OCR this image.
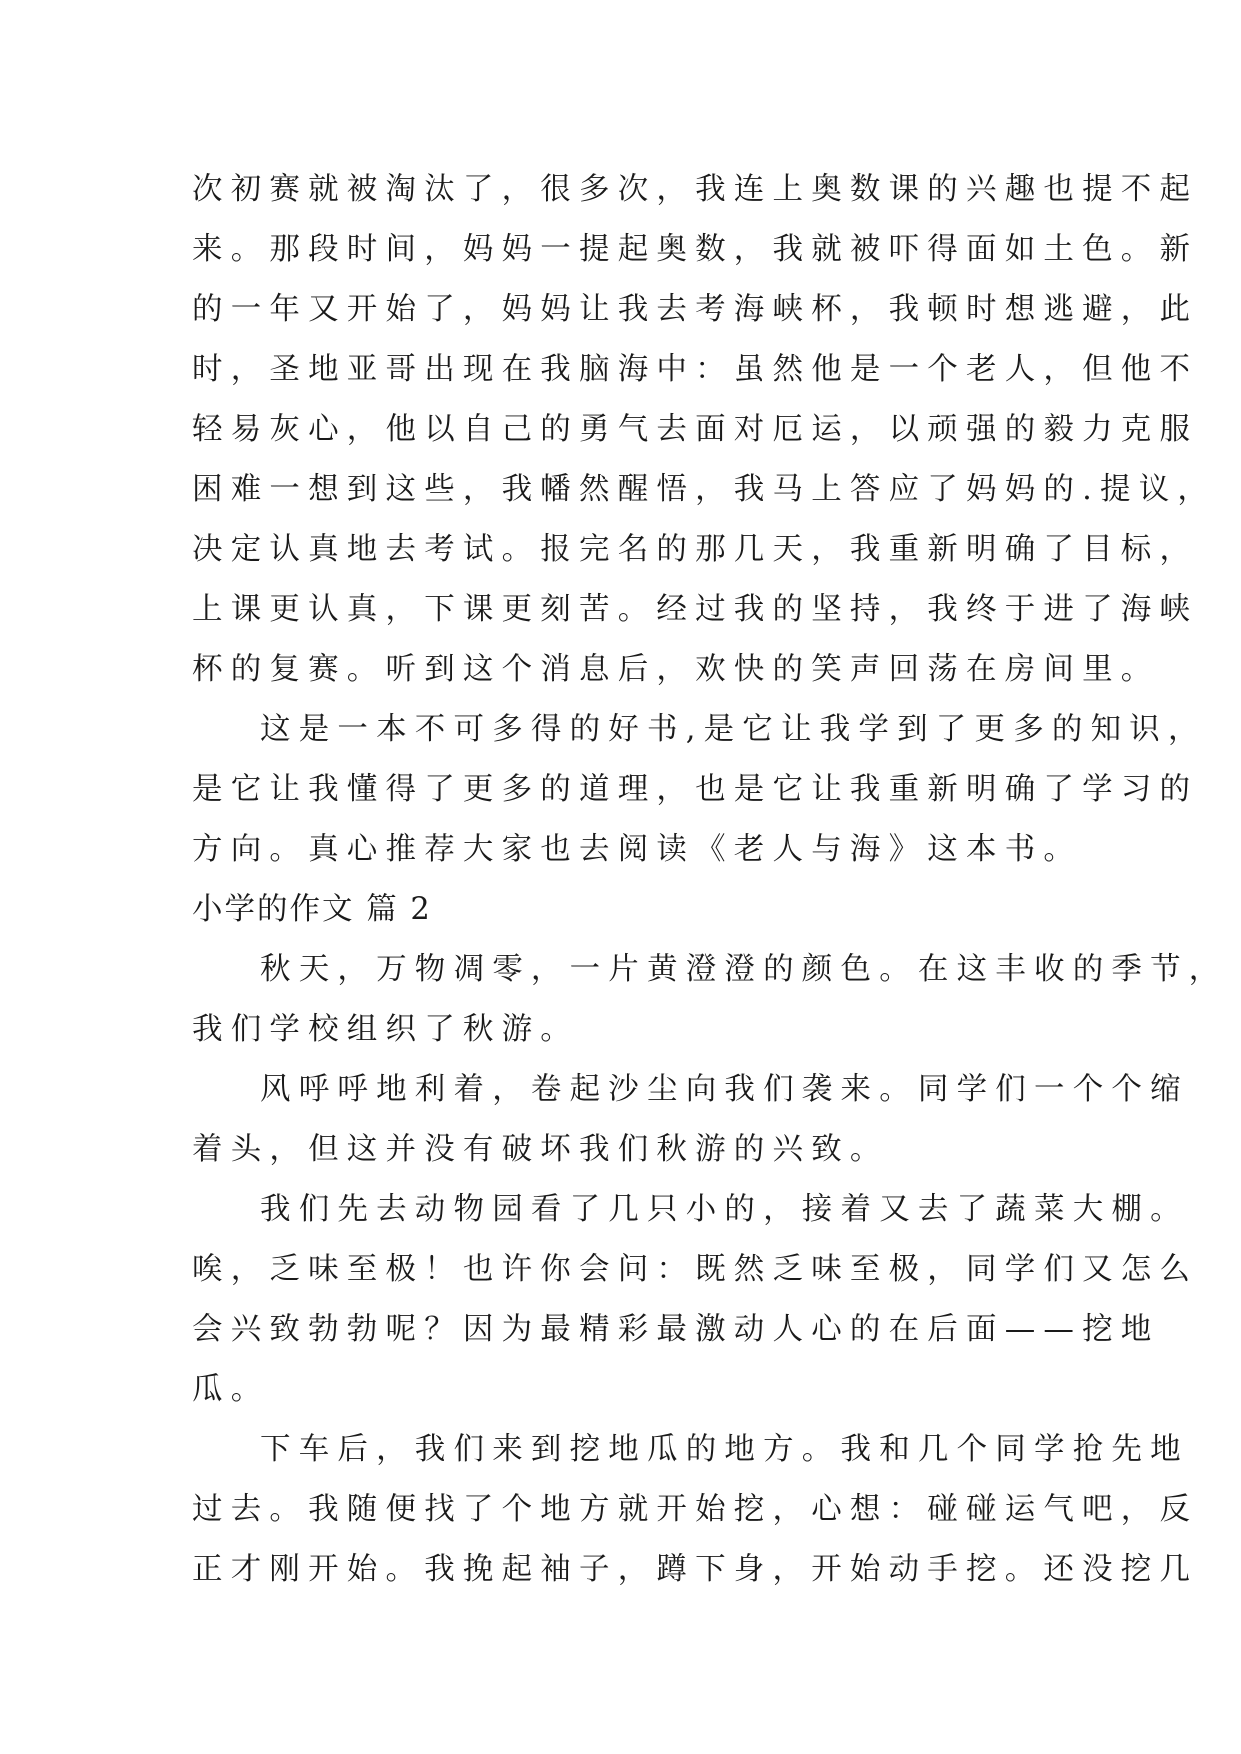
次初赛就被淘汰了，很多次，我连上奥数课的兴趣也提不起
来。那段时间，妈妈一提起奥数，我就被吓得面如土色。新
的一年又开始了，妈妈让我去考海峡杯，我顿时想逃避，此
时，圣地亚哥出现在我脑海中：虽然他是一个老人，但他不
轻易灰心，他以自己的勇气去面对厄运，以顽强的毅力克服
困难一想到这些，我幡然醒悟，我马上答应了妈妈的.提议，
决定认真地去考试。报完名的那几天，我重新明确了目标，
上课更认真，下课更刻苦。经过我的坚持，我终于进了海峡
杯的复赛。听到这个消息后，欢快的笑声回荡在房间里。
这是一本不可多得的好书,是它让我学到了更多的知识，
是它让我懂得了更多的道理，也是它让我重新明确了学习的
方向。真心推荐大家也去阅读《老人与海》这本书。
小学的作文 篇 2
秋天，万物凋零，一片黄澄澄的颜色。在这丰收的季节，
我们学校组织了秋游。
风呼呼地利着，卷起沙尘向我们袭来。同学们一个个缩
着头，但这并没有破坏我们秋游的兴致。
我们先去动物园看了几只小的，接着又去了蔬菜大棚。
唉，乏味至极！也许你会问：既然乏味至极，同学们又怎么
会兴致勃勃呢？因为最精彩最激动人心的在后面——挖地
瓜。
下车后，我们来到挖地瓜的地方。我和几个同学抢先地
过去。我随便找了个地方就开始挖，心想：碰碰运气吧，反
正才刚开始。我挽起袖子，蹲下身，开始动手挖。还没挖几
